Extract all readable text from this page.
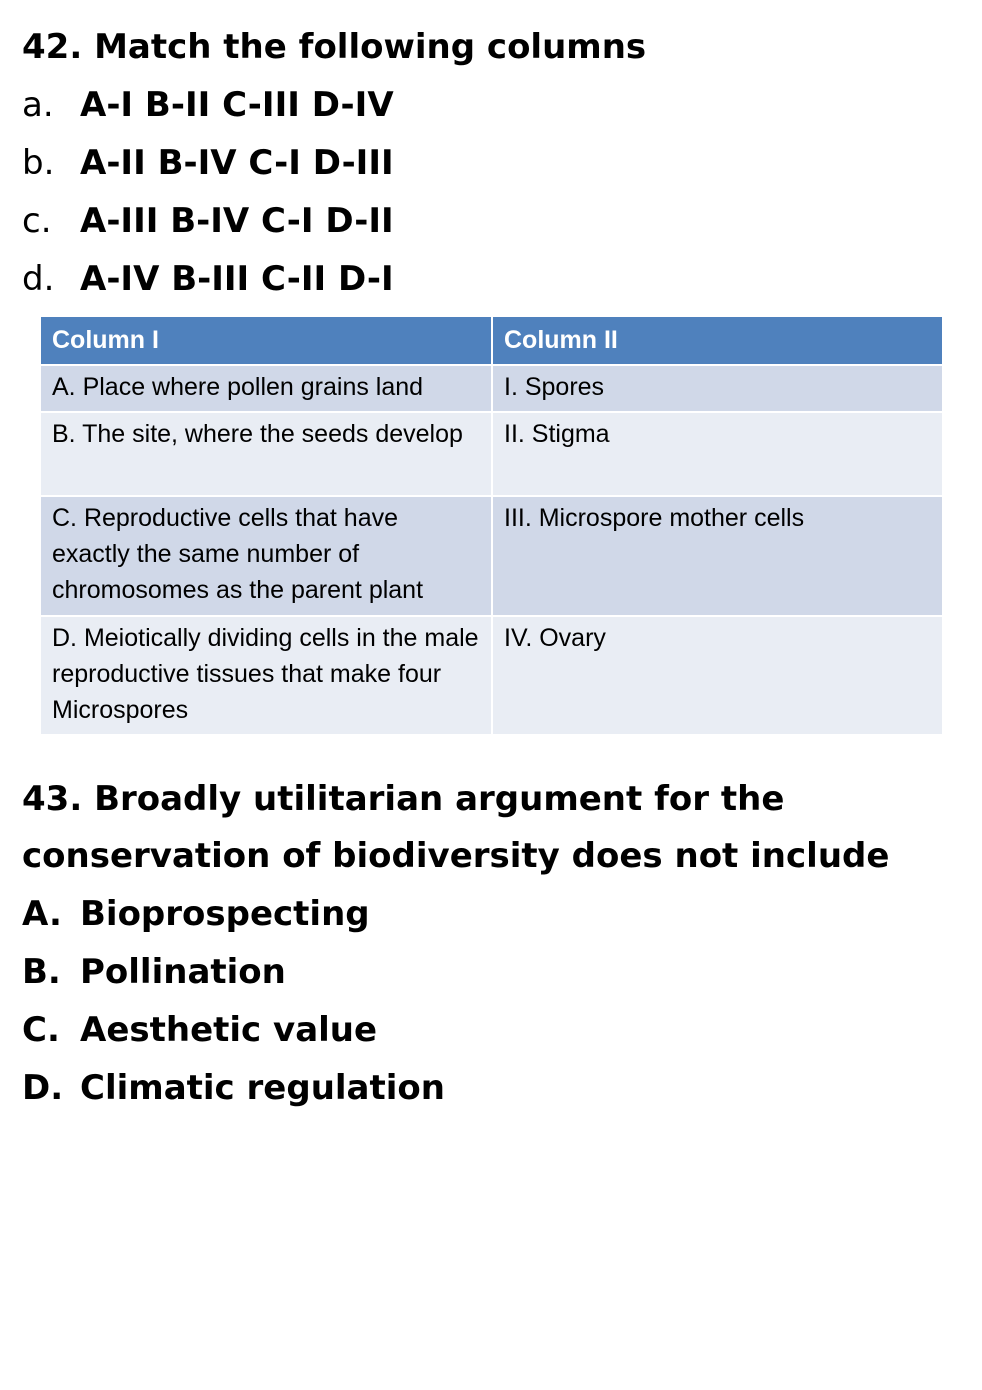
42. Match the following columns
a. A-I B-II C-III D-IV
b. A-II B-IV C-I D-III
c. A-III B-IV C-I D-II
d. A-IV B-III C-II D-I
Column I	Column II
A. Place where pollen grains land	I. Spores
B. The site, where the seeds develop	II. Stigma
C. Reproductive cells that have exactly the same number of chromosomes as the parent plant	III. Microspore mother cells
D. Meiotically dividing cells in the male reproductive tissues that make four Microspores	IV. Ovary
43. Broadly utilitarian argument for the
conservation of biodiversity does not include
A. Bioprospecting
B. Pollination
C. Aesthetic value
D. Climatic regulation
